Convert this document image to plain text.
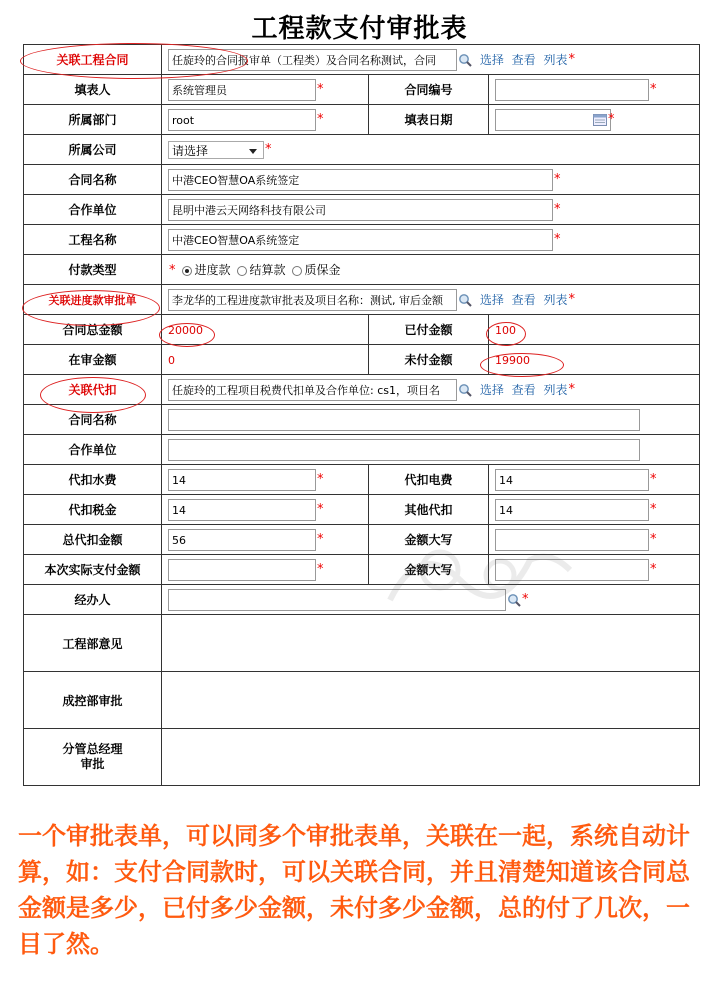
工程款支付审批表
关联工程合同	任旋玲的合同报审单（工程类）及合同名称测试，合同 选择 查看 列表*		
填表人	系统管理员 *	合同编号	*
所属部门	root *	填表日期	*
所属公司	请选择 *		
合同名称	中港CEO智慧OA系统签定 *		
合作单位	昆明中港云天网络科技有限公司 *		
工程名称	中港CEO智慧OA系统签定 *		
付款类型	* 进度款 结算款 质保金		
关联进度款审批单	李龙华的工程进度款审批表及项目名称：测试, 审后金额 选择 查看 列表*		
合同总金额	20000	已付金额	100
在审金额	0	未付金额	19900
关联代扣	任旋玲的工程项目税费代扣单及合作单位: cs1，项目名 选择 查看 列表*		
合同名称			
合作单位			
代扣水费	14 *	代扣电费	14 *
代扣税金	14 *	其他代扣	14 *
总代扣金额	56 *	金额大写	*
本次实际支付金额	*	金额大写	*
经办人	*		
工程部意见			
成控部审批			
分管总经理
审批			
一个审批表单，可以同多个审批表单，关联在一起，系统自动计算，如：支付合同款时，可以关联合同，并且清楚知道该合同总金额是多少，已付多少金额，未付多少金额，总的付了几次，一目了然。
